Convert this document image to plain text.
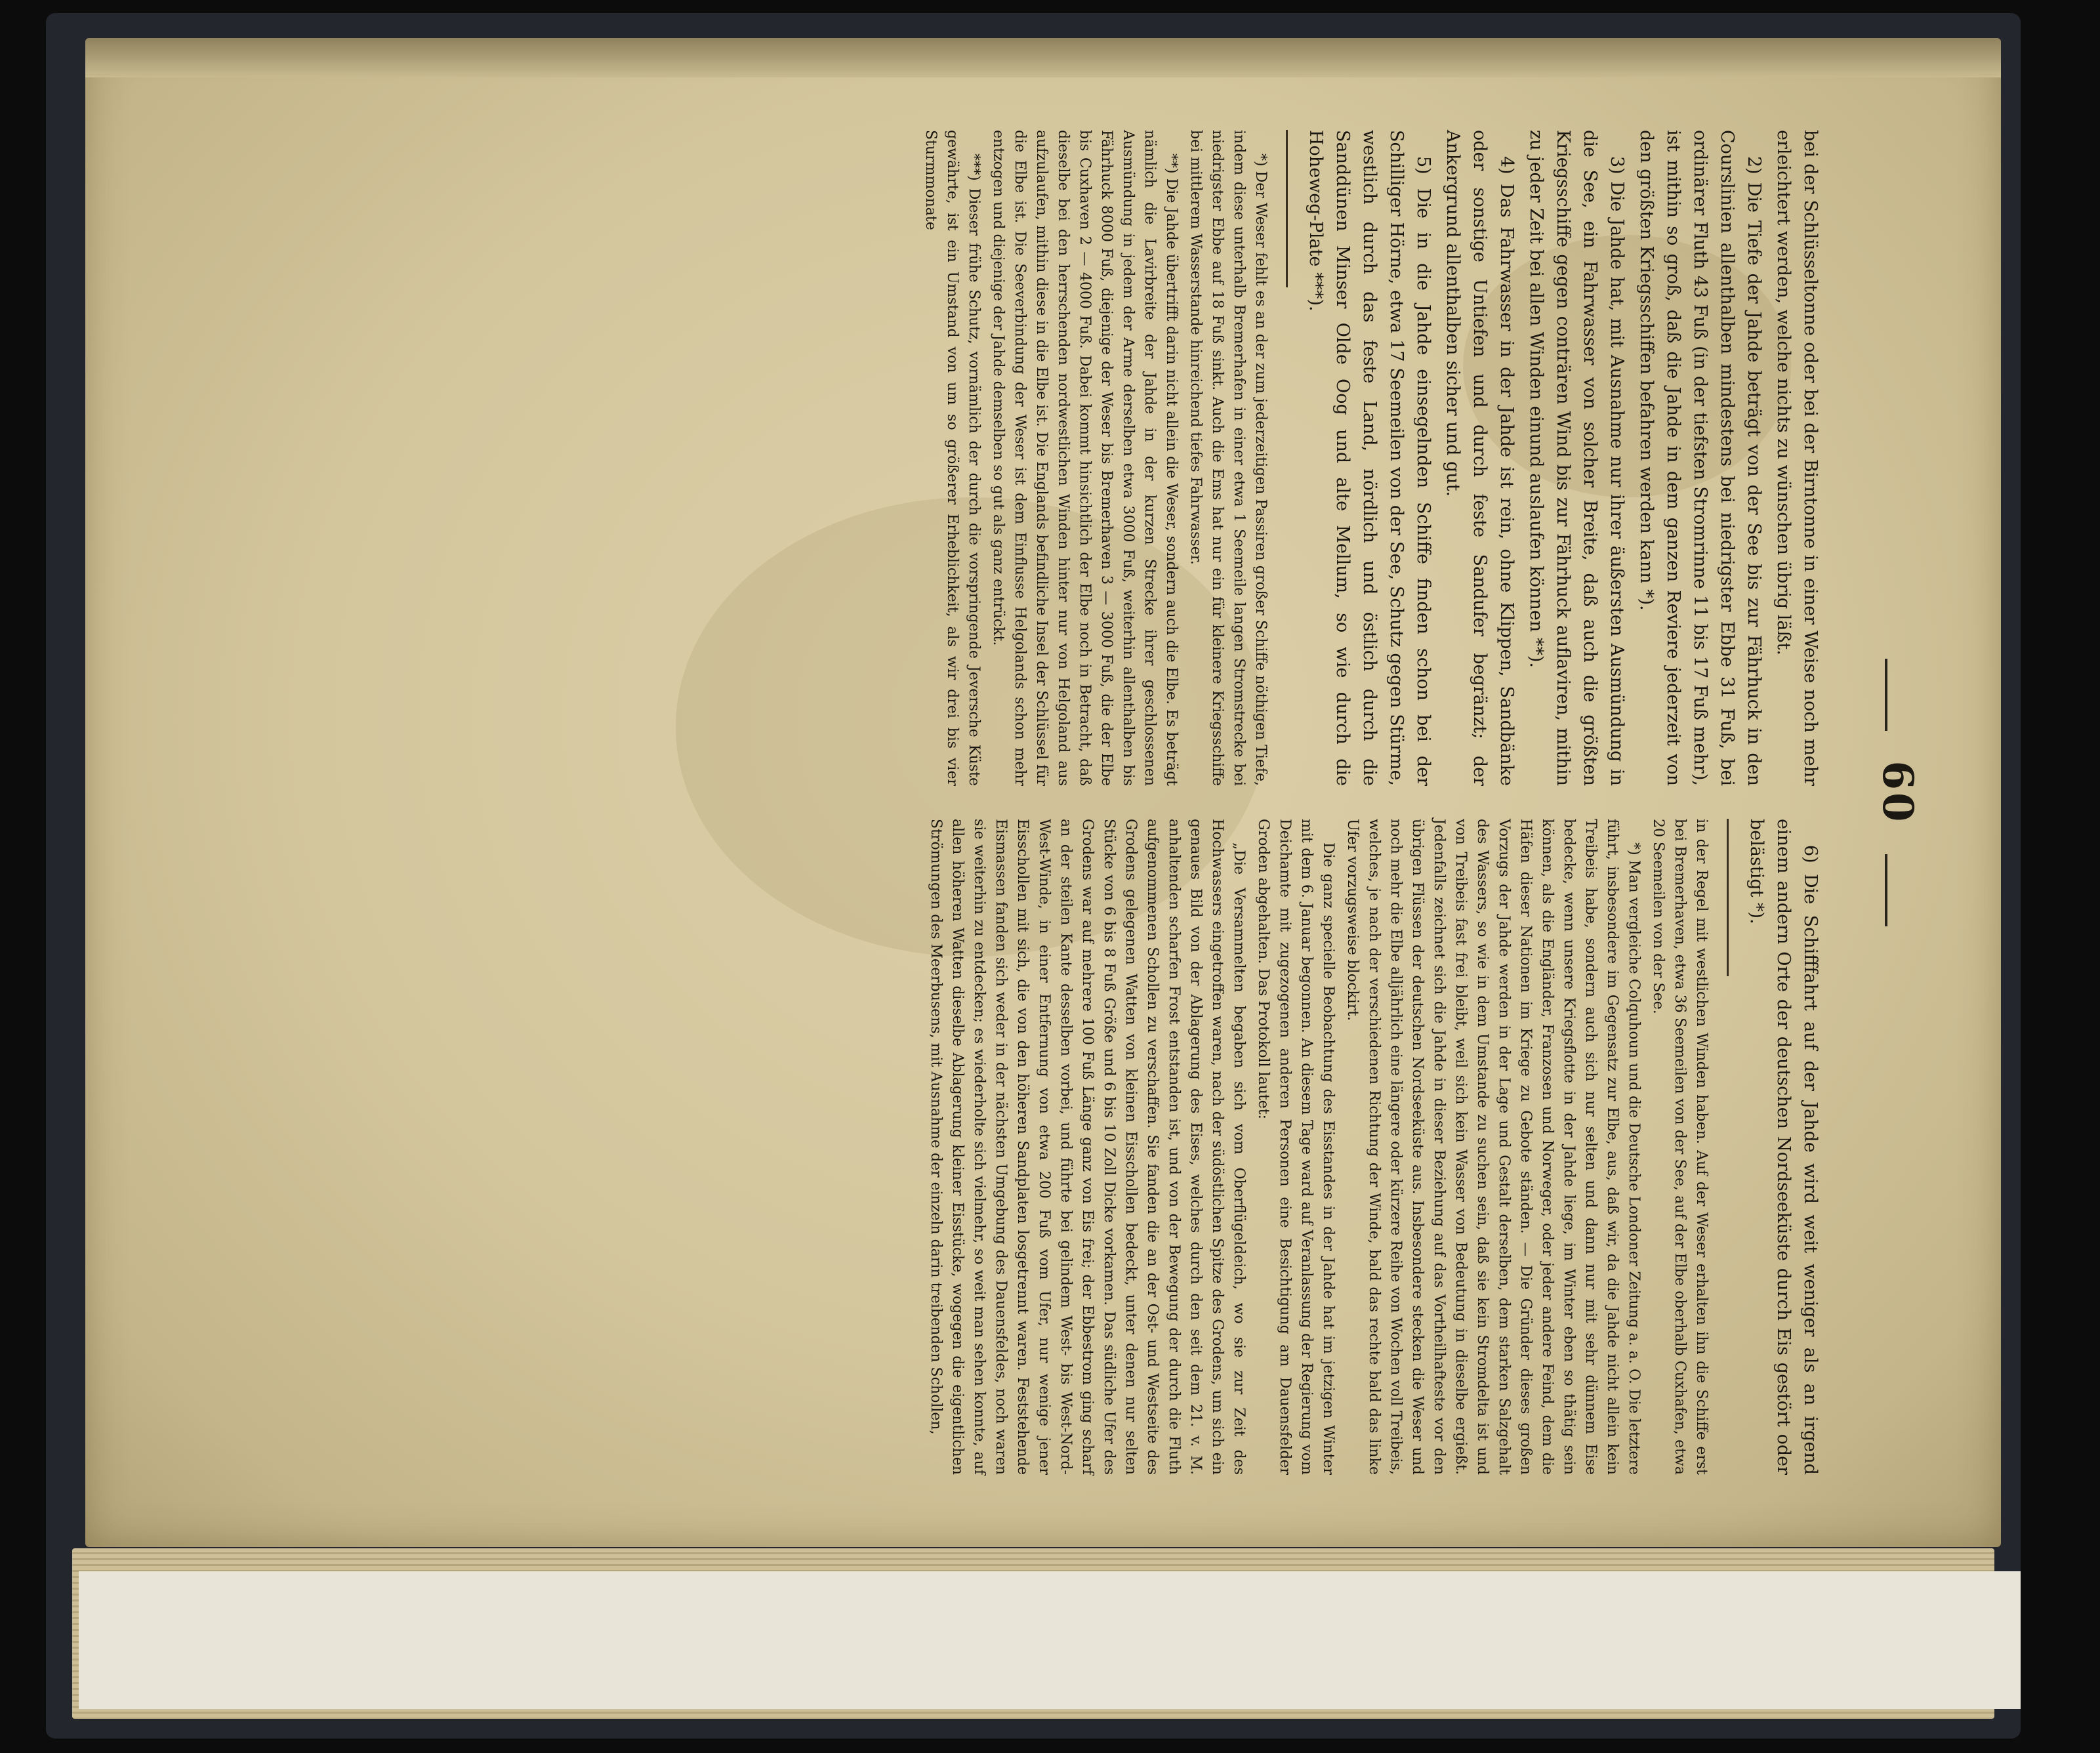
60

bei der Schlüsseltonne oder bei der Birntonne in einer Weise noch mehr erleichtert werden, welche nichts zu wünschen übrig läßt.

2) Die Tiefe der Jahde beträgt von der See bis zur Fährhuck in den Courslinien allenthalben mindestens bei niedrigster Ebbe 31 Fuß, bei ordinärer Fluth 43 Fuß (in der tiefsten Stromrinne 11 bis 17 Fuß mehr), ist mithin so groß, daß die Jahde in dem ganzen Reviere jederzeit von den größten Kriegsschiffen befahren werden kann *).

3) Die Jahde hat, mit Ausnahme nur ihrer äußersten Ausmündung in die See, ein Fahrwasser von solcher Breite, daß auch die größten Kriegsschiffe gegen conträren Wind bis zur Fährhuck auflaviren, mithin zu jeder Zeit bei allen Winden einund auslaufen können **).

4) Das Fahrwasser in der Jahde ist rein, ohne Klippen, Sandbänke oder sonstige Untiefen und durch feste Sandufer begränzt; der Ankergrund allenthalben sicher und gut.

5) Die in die Jahde einsegelnden Schiffe finden schon bei der Schilliger Hörne, etwa 17 Seemeilen von der See, Schutz gegen Stürme, westlich durch das feste Land, nördlich und östlich durch die Sanddünen Minser Olde Oog und alte Mellum, so wie durch die Hoheweg-Plate ***).

*) Der Weser fehlt es an der zum jederzeitigen Passiren großer Schiffe nöthigen Tiefe, indem diese unterhalb Bremerhafen in einer etwa 1 Seemeile langen Stromstrecke bei niedrigster Ebbe auf 18 Fuß sinkt. Auch die Ems hat nur ein für kleinere Kriegsschiffe bei mittlerem Wasserstande hinreichend tiefes Fahrwasser.

**) Die Jahde übertrifft darin nicht allein die Weser, sondern auch die Elbe. Es beträgt nämlich die Lavirbreite der Jahde in der kurzen Strecke ihrer geschlossenen Ausmündung in jedem der Arme derselben etwa 3000 Fuß, weiterhin allenthalben bis Fährhuck 8000 Fuß, diejenige der Weser bis Bremerhaven 3 — 3000 Fuß, die der Elbe bis Cuxhaven 2 — 4000 Fuß. Dabei kommt hinsichtlich der Elbe noch in Betracht, daß dieselbe bei den herrschenden nordwestlichen Winden hinter nur von Helgoland aus aufzulaufen, mithin diese in die Elbe ist. Die Englands befindliche Insel der Schlüssel für die Elbe ist. Die Seeverbindung der Weser ist dem Einflusse Helgolands schon mehr entzogen und diejenige der Jahde demselben so gut als ganz entrückt.

***) Dieser frühe Schutz, vornämlich der durch die vorspringende Jeversche Küste gewährte, ist ein Umstand von um so größerer Erheblichkeit, als wir drei bis vier Sturmmonate

6) Die Schifffahrt auf der Jahde wird weit weniger als an irgend einem andern Orte der deutschen Nordseeküste durch Eis gestört oder belästigt *).

in der Regel mit westlichen Winden haben. Auf der Weser erhalten ihn die Schiffe erst bei Bremerhaven, etwa 36 Seemeilen von der See, auf der Elbe oberhalb Cuxhafen, etwa 20 Seemeilen von der See.

*) Man vergleiche Colquhoun und die Deutsche Londoner Zeitung a. a. O. Die letztere führt, insbesondere im Gegensatz zur Elbe, aus, daß wir, da die Jahde nicht allein kein Treibeis habe, sondern auch sich nur selten und dann nur mit sehr dünnem Eise bedecke, wenn unsere Kriegsflotte in der Jahde liege, im Winter eben so thätig sein können, als die Engländer, Franzosen und Norweger, oder jeder andere Feind, dem die Häfen dieser Nationen im Kriege zu Gebote ständen. — Die Gründer dieses großen Vorzugs der Jahde werden in der Lage und Gestalt derselben, dem starken Salzgehalt des Wassers, so wie in dem Umstande zu suchen sein, daß sie kein Stromdelta ist und von Treibeis fast frei bleibt, weil sich kein Wasser von Bedeutung in dieselbe ergießt. Jedenfalls zeichnet sich die Jahde in dieser Beziehung auf das Vortheilhafteste vor den übrigen Flüssen der deutschen Nordseeküste aus. Insbesondere stecken die Weser und noch mehr die Elbe alljährlich eine längere oder kürzere Reihe von Wochen voll Treibeis, welches, je nach der verschiedenen Richtung der Winde, bald das rechte bald das linke Ufer vorzugsweise blockirt.

Die ganz specielle Beobachtung des Eisstandes in der Jahde hat im jetzigen Winter mit dem 6. Januar begonnen. An diesem Tage ward auf Veranlassung der Regierung vom Deichamte mit zugezogenen anderen Personen eine Besichtigung am Dauensfelder Groden abgehalten. Das Protokoll lautet:

„Die Versammelten begaben sich vom Oberflügeldeich, wo sie zur Zeit des Hochwassers eingetroffen waren, nach der südöstlichen Spitze des Grodens, um sich ein genaues Bild von der Ablagerung des Eises, welches durch den seit dem 21. v. M. anhaltenden scharfen Frost entstanden ist, und von der Bewegung der durch die Fluth aufgenommenen Schollen zu verschaffen. Sie fanden die an der Ost- und Westseite des Grodens gelegenen Watten von kleinen Eisschollen bedeckt, unter denen nur selten Stücke von 6 bis 8 Fuß Größe und 6 bis 10 Zoll Dicke vorkamen. Das südliche Ufer des Grodens war auf mehrere 100 Fuß Länge ganz von Eis frei; der Ebbestrom ging scharf an der steilen Kante desselben vorbei, und führte bei gelindem West- bis West-Nord-West-Winde, in einer Entfernung von etwa 200 Fuß vom Ufer, nur wenige jener Eisschollen mit sich, die von den höheren Sandplaten losgetrennt waren. Feststehende Eismassen fanden sich weder in der nächsten Umgebung des Dauensfeldes, noch waren sie weiterhin zu entdecken; es wiederholte sich vielmehr, so weit man sehen konnte, auf allen höheren Watten dieselbe Ablagerung kleiner Eisstücke, wogegen die eigentlichen Strömungen des Meerbusens, mit Ausnahme der einzeln darin treibenden Schollen,
